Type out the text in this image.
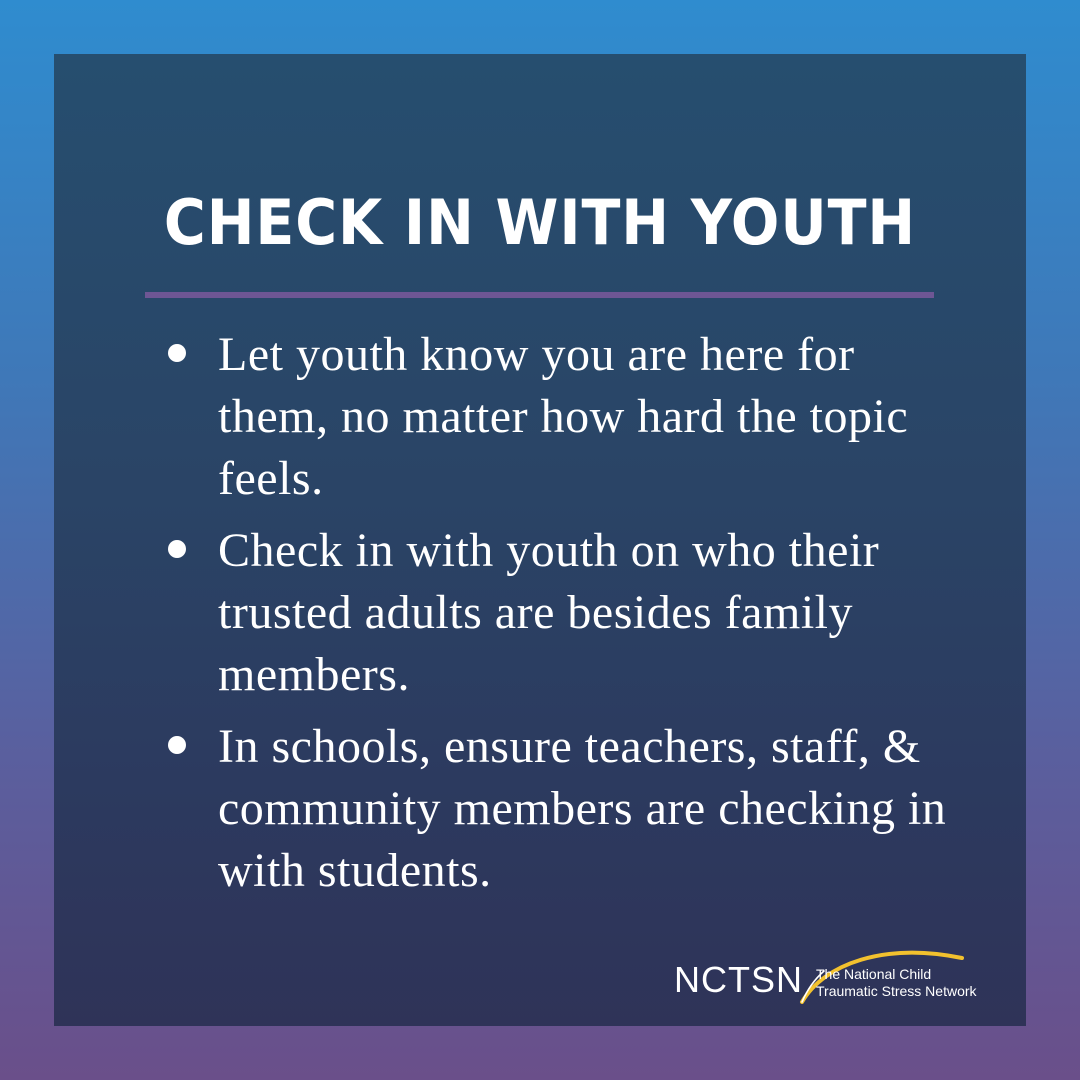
CHECK IN WITH YOUTH
Let youth know you are here for them, no matter how hard the topic feels.
Check in with youth on who their trusted adults are besides family members.
In schools, ensure teachers, staff, & community members are checking in with students.
NCTSN The National Child
Traumatic Stress Network
